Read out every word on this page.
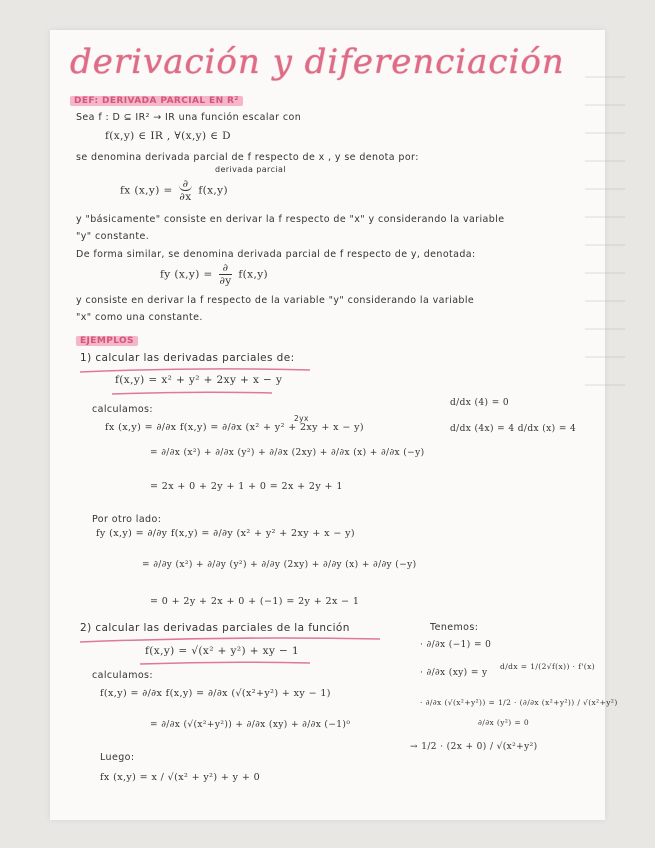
derivación y diferenciación
DEF: DERIVADA PARCIAL EN R²
Sea f : D ⊆ IR² → IR una función escalar con
f(x,y) ∈ IR , ∀(x,y) ∈ D
se denomina derivada parcial de f respecto de x , y se denota por:
derivada parcial
fx (x,y) =
∂
∂x
f(x,y)
y "básicamente" consiste en derivar la f respecto de "x" y considerando la variable
"y" constante.
De forma similar, se denomina derivada parcial de f respecto de y, denotada:
fy (x,y) =
∂
∂y
f(x,y)
y consiste en derivar la f respecto de la variable "y" considerando la variable
"x" como una constante.
EJEMPLOS
1) calcular las derivadas parciales de:
f(x,y) = x² + y² + 2xy + x − y
calculamos:
fx (x,y) = ∂/∂x f(x,y) = ∂/∂x (x² + y² + 2xy + x − y)
2yx
= ∂/∂x (x²) + ∂/∂x (y²) + ∂/∂x (2xy) + ∂/∂x (x) + ∂/∂x (−y)
= 2x + 0 + 2y + 1 + 0 = 2x + 2y + 1
d/dx (4) = 0
d/dx (4x) = 4 d/dx (x) = 4
Por otro lado:
fy (x,y) = ∂/∂y f(x,y) = ∂/∂y (x² + y² + 2xy + x − y)
= ∂/∂y (x²) + ∂/∂y (y²) + ∂/∂y (2xy) + ∂/∂y (x) + ∂/∂y (−y)
= 0 + 2y + 2x + 0 + (−1) = 2y + 2x − 1
2) calcular las derivadas parciales de la función
f(x,y) = √(x² + y²) + xy − 1
calculamos:
f(x,y) = ∂/∂x f(x,y) = ∂/∂x (√(x²+y²) + xy − 1)
= ∂/∂x (√(x²+y²)) + ∂/∂x (xy) + ∂/∂x (−1)⁰
Luego:
fx (x,y) = x / √(x² + y²) + y + 0
Tenemos:
· ∂/∂x (−1) = 0
· ∂/∂x (xy) = y
d/dx = 1/(2√f(x)) · f'(x)
· ∂/∂x (√(x²+y²)) = 1/2 · (∂/∂x (x²+y²)) / √(x²+y²)
∂/∂x (y²) = 0
→ 1/2 · (2x + 0) / √(x²+y²)
